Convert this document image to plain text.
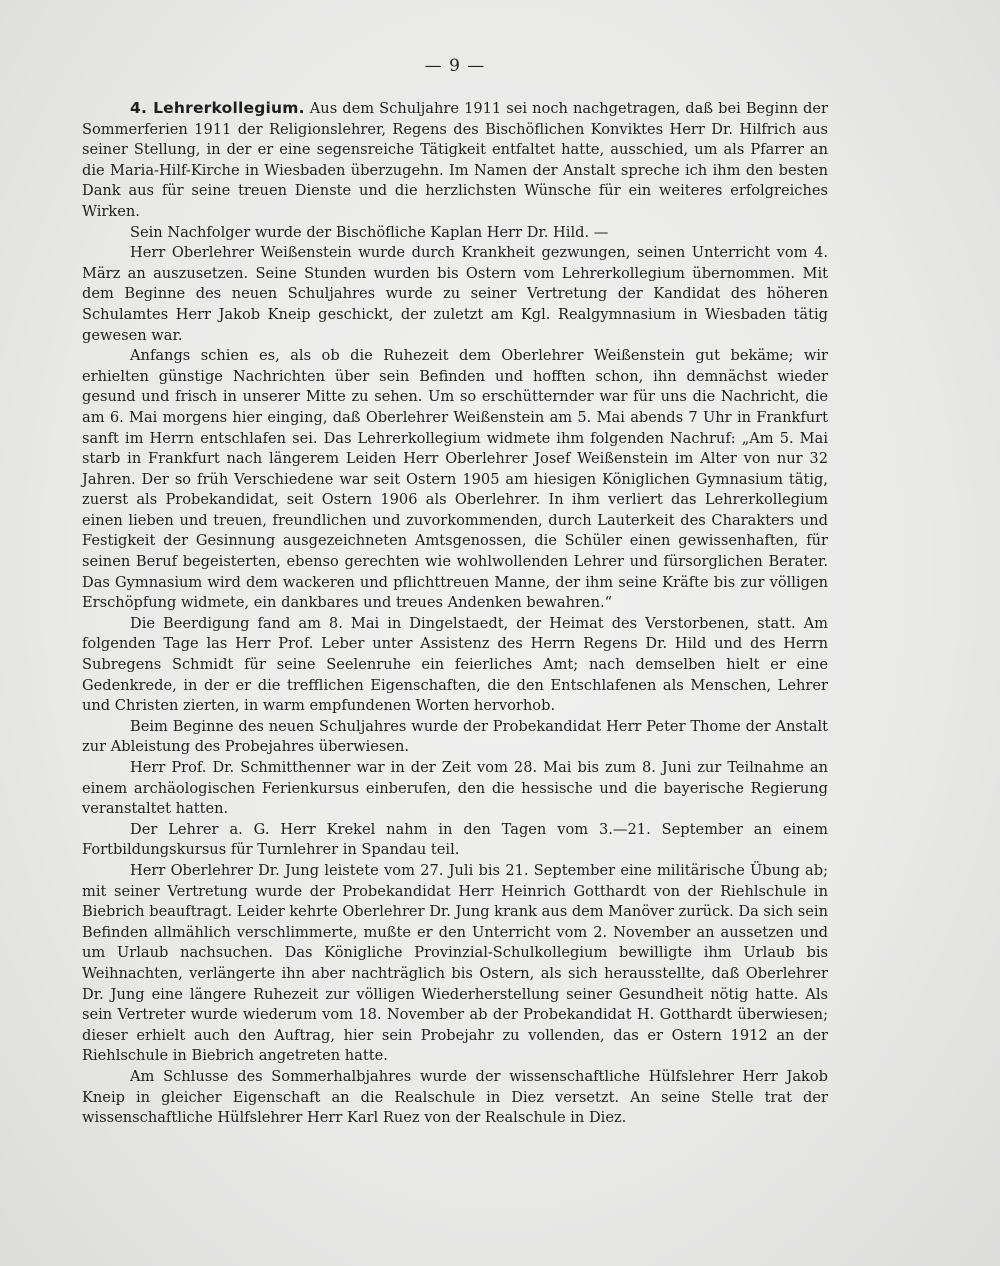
— 9 —

4. Lehrerkollegium. Aus dem Schuljahre 1911 sei noch nachgetragen, daß bei Beginn der Sommerferien 1911 der Religionslehrer, Regens des Bischöflichen Konviktes Herr Dr. Hilfrich aus seiner Stellung, in der er eine segensreiche Tätigkeit entfaltet hatte, ausschied, um als Pfarrer an die Maria-Hilf-Kirche in Wiesbaden überzugehn. Im Namen der Anstalt spreche ich ihm den besten Dank aus für seine treuen Dienste und die herzlichsten Wünsche für ein weiteres erfolgreiches Wirken.

Sein Nachfolger wurde der Bischöfliche Kaplan Herr Dr. Hild. —

Herr Oberlehrer Weißenstein wurde durch Krankheit gezwungen, seinen Unterricht vom 4. März an auszusetzen. Seine Stunden wurden bis Ostern vom Lehrerkollegium übernommen. Mit dem Beginne des neuen Schuljahres wurde zu seiner Vertretung der Kandidat des höheren Schulamtes Herr Jakob Kneip geschickt, der zuletzt am Kgl. Realgymnasium in Wiesbaden tätig gewesen war.

Anfangs schien es, als ob die Ruhezeit dem Oberlehrer Weißenstein gut bekäme; wir erhielten günstige Nachrichten über sein Befinden und hofften schon, ihn demnächst wieder gesund und frisch in unserer Mitte zu sehen. Um so erschütternder war für uns die Nachricht, die am 6. Mai morgens hier einging, daß Oberlehrer Weißenstein am 5. Mai abends 7 Uhr in Frankfurt sanft im Herrn entschlafen sei. Das Lehrerkollegium widmete ihm folgenden Nachruf: „Am 5. Mai starb in Frankfurt nach längerem Leiden Herr Oberlehrer Josef Weißenstein im Alter von nur 32 Jahren. Der so früh Verschiedene war seit Ostern 1905 am hiesigen Königlichen Gymnasium tätig, zuerst als Probekandidat, seit Ostern 1906 als Oberlehrer. In ihm verliert das Lehrerkollegium einen lieben und treuen, freundlichen und zuvorkommenden, durch Lauterkeit des Charakters und Festigkeit der Gesinnung ausgezeichneten Amtsgenossen, die Schüler einen gewissenhaften, für seinen Beruf begeisterten, ebenso gerechten wie wohlwollenden Lehrer und fürsorglichen Berater. Das Gymnasium wird dem wackeren und pflichttreuen Manne, der ihm seine Kräfte bis zur völligen Erschöpfung widmete, ein dankbares und treues Andenken bewahren.“

Die Beerdigung fand am 8. Mai in Dingelstaedt, der Heimat des Verstorbenen, statt. Am folgenden Tage las Herr Prof. Leber unter Assistenz des Herrn Regens Dr. Hild und des Herrn Subregens Schmidt für seine Seelenruhe ein feierliches Amt; nach demselben hielt er eine Gedenkrede, in der er die trefflichen Eigenschaften, die den Entschlafenen als Menschen, Lehrer und Christen zierten, in warm empfundenen Worten hervorhob.

Beim Beginne des neuen Schuljahres wurde der Probekandidat Herr Peter Thome der Anstalt zur Ableistung des Probejahres überwiesen.

Herr Prof. Dr. Schmitthenner war in der Zeit vom 28. Mai bis zum 8. Juni zur Teilnahme an einem archäologischen Ferienkursus einberufen, den die hessische und die bayerische Regierung veranstaltet hatten.

Der Lehrer a. G. Herr Krekel nahm in den Tagen vom 3.—21. September an einem Fortbildungskursus für Turnlehrer in Spandau teil.

Herr Oberlehrer Dr. Jung leistete vom 27. Juli bis 21. September eine militärische Übung ab; mit seiner Vertretung wurde der Probekandidat Herr Heinrich Gotthardt von der Riehlschule in Biebrich beauftragt. Leider kehrte Oberlehrer Dr. Jung krank aus dem Manöver zurück. Da sich sein Befinden allmählich verschlimmerte, mußte er den Unterricht vom 2. November an aussetzen und um Urlaub nachsuchen. Das Königliche Provinzial-Schulkollegium bewilligte ihm Urlaub bis Weihnachten, verlängerte ihn aber nachträglich bis Ostern, als sich herausstellte, daß Oberlehrer Dr. Jung eine längere Ruhezeit zur völligen Wiederherstellung seiner Gesundheit nötig hatte. Als sein Vertreter wurde wiederum vom 18. November ab der Probekandidat H. Gotthardt überwiesen; dieser erhielt auch den Auftrag, hier sein Probejahr zu vollenden, das er Ostern 1912 an der Riehlschule in Biebrich angetreten hatte.

Am Schlusse des Sommerhalbjahres wurde der wissenschaftliche Hülfslehrer Herr Jakob Kneip in gleicher Eigenschaft an die Realschule in Diez versetzt. An seine Stelle trat der wissenschaftliche Hülfslehrer Herr Karl Ruez von der Realschule in Diez.
